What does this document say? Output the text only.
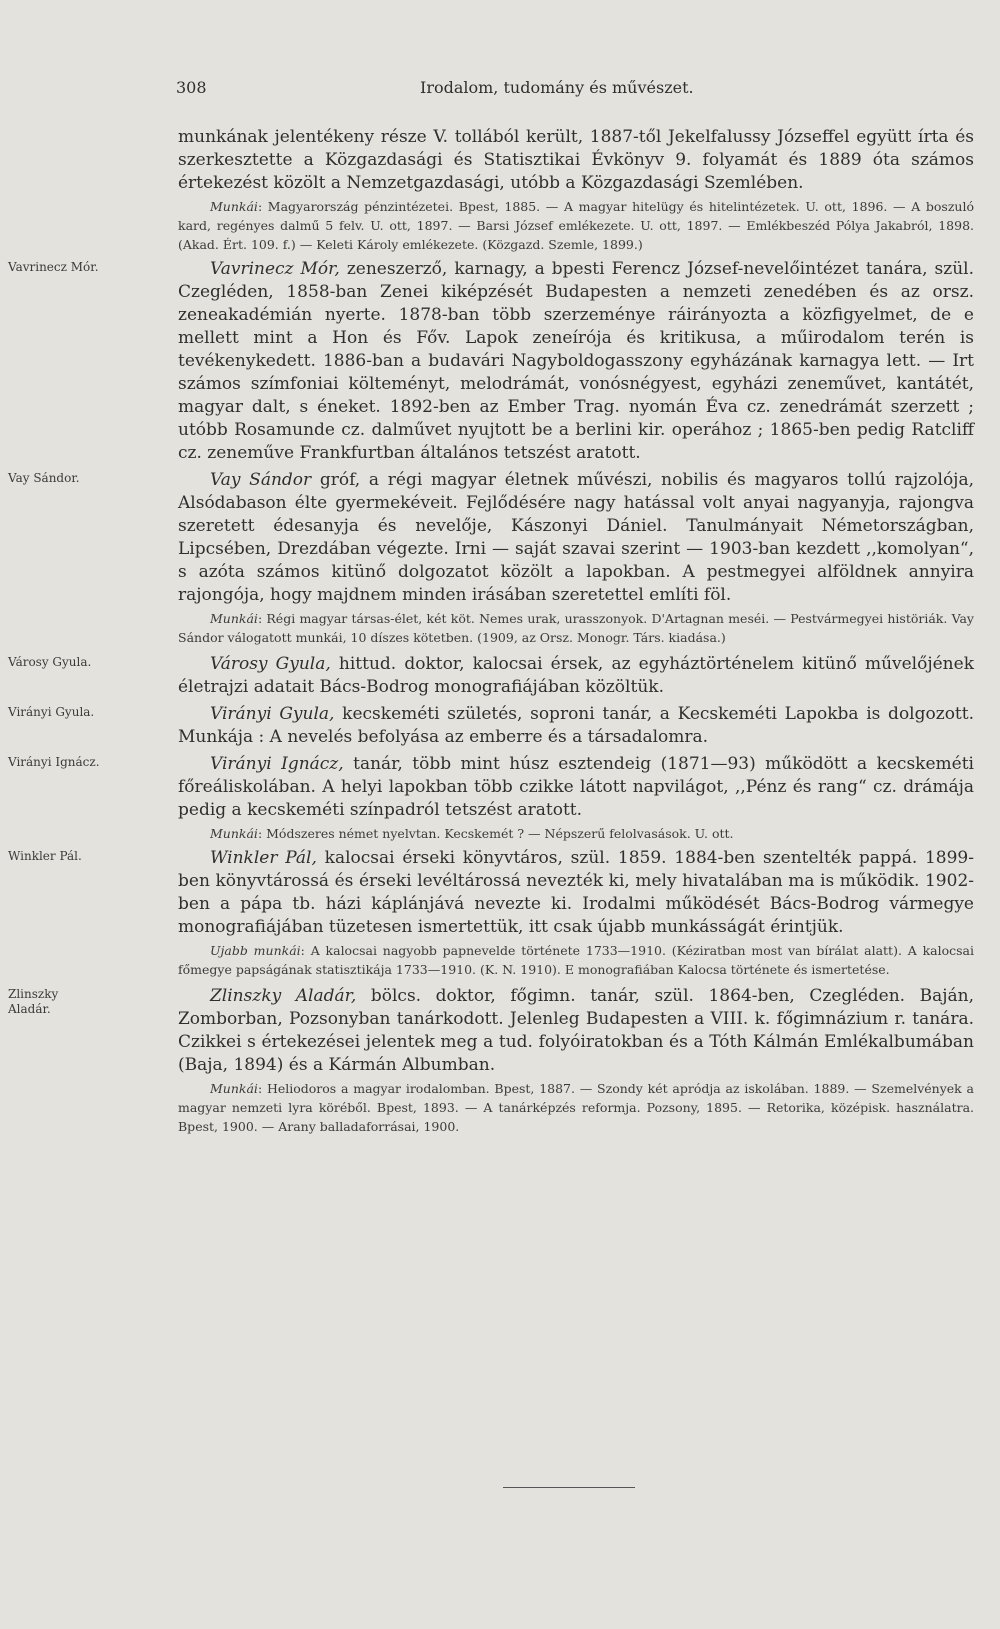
308	Irodalom, tudomány és művészet.

munkának jelentékeny része V. tollából került, 1887-től Jekelfalussy Józseffel együtt írta és szerkesztette a Közgazdasági és Statisztikai Évkönyv 9. folyamát és 1889 óta számos értekezést közölt a Nemzetgazdasági, utóbb a Közgazdasági Szemlében.

Munkái: Magyarország pénzintézetei. Bpest, 1885. — A magyar hitelügy és hitelintézetek. U. ott, 1896. — A boszuló kard, regényes dalmű 5 felv. U. ott, 1897. — Barsi József emlékezete. U. ott, 1897. — Emlékbeszéd Pólya Jakabról, 1898. (Akad. Ért. 109. f.) — Keleti Károly emlékezete. (Közgazd. Szemle, 1899.)

Vavrinecz Mór.	Vavrinecz Mór, zeneszerző, karnagy, a bpesti Ferencz József-nevelőintézet tanára, szül. Czegléden, 1858-ban Zenei kiképzését Budapesten a nemzeti zenedében és az orsz. zeneakadémián nyerte. 1878-ban több szerzeménye ráirányozta a közfigyelmet, de e mellett mint a Hon és Főv. Lapok zeneírója és kritikusa, a műirodalom terén is tevékenykedett. 1886-ban a budavári Nagyboldogasszony egyházának karnagya lett. — Irt számos szímfoniai költeményt, melodrámát, vonósnégyest, egyházi zeneművet, kantátét, magyar dalt, s éneket. 1892-ben az Ember Trag. nyomán Éva cz. zenedrámát szerzett ; utóbb Rosamunde cz. dalművet nyujtott be a berlini kir. operához ; 1865-ben pedig Ratcliff cz. zeneműve Frankfurtban általános tetszést aratott.

Vay Sándor.	Vay Sándor gróf, a régi magyar életnek művészi, nobilis és magyaros tollú rajzolója, Alsódabason élte gyermekéveit. Fejlődésére nagy hatással volt anyai nagyanyja, rajongva szeretett édesanyja és nevelője, Kászonyi Dániel. Tanulmányait Németországban, Lipcsében, Drezdában végezte. Irni — saját szavai szerint — 1903-ban kezdett ,,komolyan“, s azóta számos kitünő dolgozatot közölt a lapokban. A pestmegyei alföldnek annyira rajongója, hogy majdnem minden irásában szeretettel említi föl.

Munkái: Régi magyar társas-élet, két köt. Nemes urak, urasszonyok. D'Artagnan meséi. — Pestvármegyei histöriák. Vay Sándor válogatott munkái, 10 díszes kötetben. (1909, az Orsz. Monogr. Társ. kiadása.)

Városy Gyula.	Városy Gyula, hittud. doktor, kalocsai érsek, az egyháztörténelem kitünő művelőjének életrajzi adatait Bács-Bodrog monografiájában közöltük.

Virányi Gyula.	Virányi Gyula, kecskeméti születés, soproni tanár, a Kecskeméti Lapokba is dolgozott. Munkája : A nevelés befolyása az emberre és a társadalomra.

Virányi Ignácz.	Virányi Ignácz, tanár, több mint húsz esztendeig (1871—93) működött a kecskeméti főreáliskolában. A helyi lapokban több czikke látott napvilágot, ,,Pénz és rang“ cz. drámája pedig a kecskeméti színpadról tetszést aratott.

Munkái: Módszeres német nyelvtan. Kecskemét ? — Népszerű felolvasások. U. ott.

Winkler Pál.	Winkler Pál, kalocsai érseki könyvtáros, szül. 1859. 1884-ben szentelték pappá. 1899-ben könyvtárossá és érseki levéltárossá nevezték ki, mely hivatalában ma is működik. 1902-ben a pápa tb. házi káplánjává nevezte ki. Irodalmi működését Bács-Bodrog vármegye monografiájában tüzetesen ismertettük, itt csak újabb munkásságát érintjük.

Ujabb munkái: A kalocsai nagyobb papnevelde története 1733—1910. (Kéziratban most van bírálat alatt). A kalocsai főmegye papságának statisztikája 1733—1910. (K. N. 1910). E monografiában Kalocsa története és ismertetése.

Zlinszky
Aladár.

Zlinszky Aladár, bölcs. doktor, főgimn. tanár, szül. 1864-ben, Czegléden. Baján, Zomborban, Pozsonyban tanárkodott. Jelenleg Budapesten a VIII. k. főgimnázium r. tanára. Czikkei s értekezései jelentek meg a tud. folyóiratokban és a Tóth Kálmán Emlékalbumában (Baja, 1894) és a Kármán Albumban.

Munkái: Heliodoros a magyar irodalomban. Bpest, 1887. — Szondy két apródja az iskolában. 1889. — Szemelvények a magyar nemzeti lyra köréből. Bpest, 1893. — A tanárképzés reformja. Pozsony, 1895. — Retorika, középisk. használatra. Bpest, 1900. — Arany balladaforrásai, 1900.
